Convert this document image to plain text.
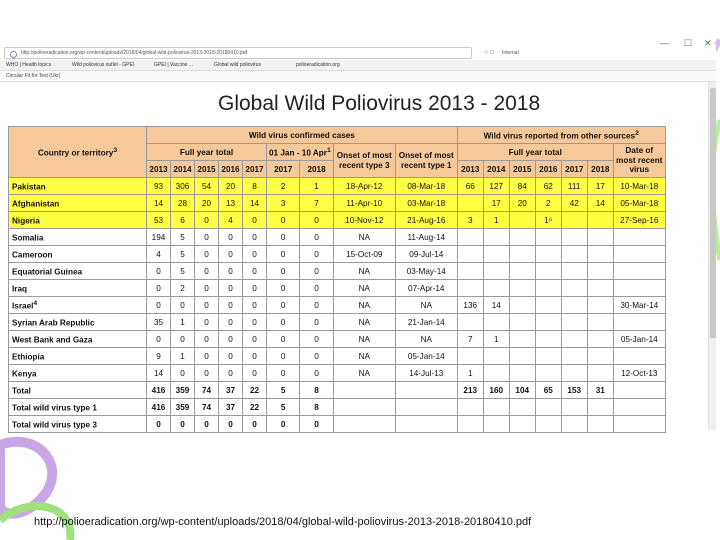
http://polioeradication.org/wp-content/uploads/2018/04/global-wild-poliovirus-2013-2018-20180410.pdf	☆ ☐ Internal
— ☐ ✕
WHO | Health topics	Wild poliovirus outlet - GPEI	GPEI | Vaccine ...	Global wild poliovirus	polioeradication.org
Circular Fit for Text (Ukr)
Global Wild Poliovirus 2013 - 2018
Country or territory$^3$	Wild virus confirmed cases									Wild virus reported from other sources$^2$
	Full year total					01 Jan - 10 Apr$^1$		Onset of most recent type 3	Onset of most recent type 1	Full year total						Date of most recent virus
	2013	2014	2015	2016	2017	2017	2018			2013	2014	2015	2016	2017	2018	
Pakistan	93	306	54	20	8	2	1	18-Apr-12	08-Mar-18	66	127	84	62	111	17	10-Mar-18
Afghanistan	14	28	20	13	14	3	7	11-Apr-10	03-Mar-18		17	20	2	42	14	05-Mar-18
Nigeria	53	6	0	4	0	0	0	10-Nov-12	21-Aug-16	3	1		1⁶			27-Sep-16
Somalia	194	5	0	0	0	0	0	NA	11-Aug-14							
Cameroon	4	5	0	0	0	0	0	15-Oct-09	09-Jul-14							
Equatorial Guinea	0	5	0	0	0	0	0	NA	03-May-14							
Iraq	0	2	0	0	0	0	0	NA	07-Apr-14							
Israel$^4$	0	0	0	0	0	0	0	NA	NA	136	14					30-Mar-14
Syrian Arab Republic	35	1	0	0	0	0	0	NA	21-Jan-14							
West Bank and Gaza	0	0	0	0	0	0	0	NA	NA	7	1					05-Jan-14
Ethiopia	9	1	0	0	0	0	0	NA	05-Jan-14							
Kenya	14	0	0	0	0	0	0	NA	14-Jul-13	1						12-Oct-13
Total	416	359	74	37	22	5	8			213	160	104	65	153	31	
Total wild virus type 1	416	359	74	37	22	5	8									
Total wild virus type 3	0	0	0	0	0	0	0									
http://polioeradication.org/wp-content/uploads/2018/04/global-wild-poliovirus-2013-2018-20180410.pdf
